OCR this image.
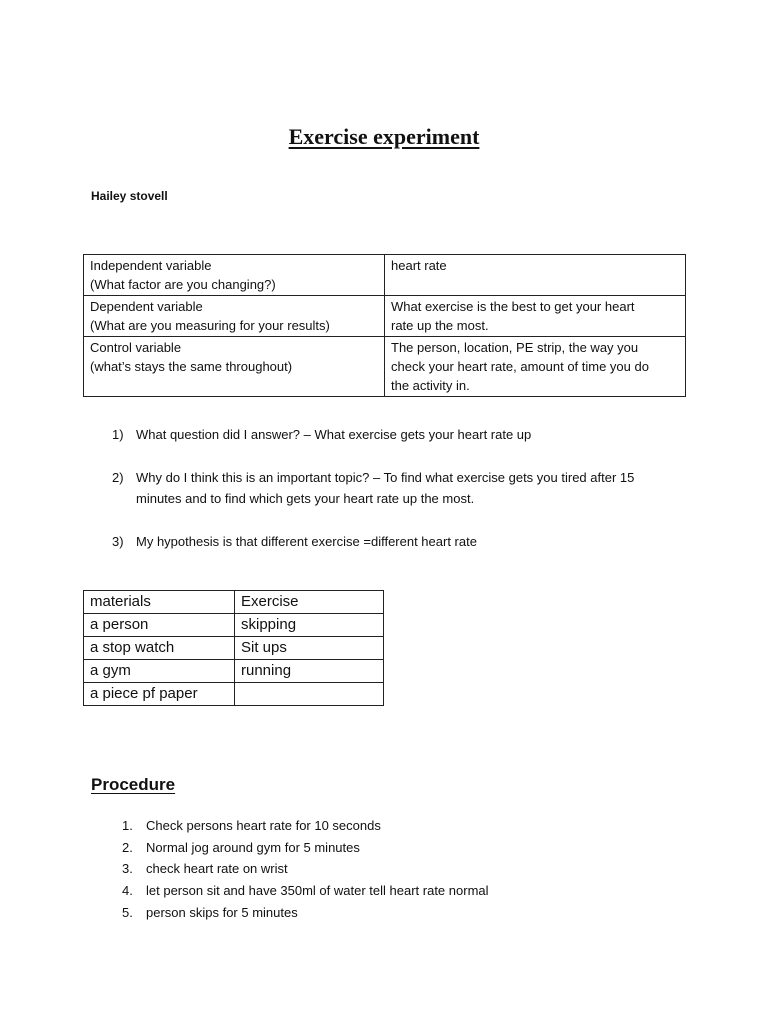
Exercise experiment
Hailey stovell
Independent variable
(What factor are you changing?)	heart rate

Dependent variable
(What are you measuring for your results)	What exercise is the best to get your heart
rate up the most.

Control variable
(what’s stays the same throughout)	The person, location, PE strip, the way you
check your heart rate, amount of time you do
the activity in.
1) What question did I answer? – What exercise gets your heart rate up
2) Why do I think this is an important topic? – To find what exercise gets you tired after 15
minutes and to find which gets your heart rate up the most.
3) My hypothesis is that different exercise =different heart rate
materials	Exercise
a person	skipping
a stop watch	Sit ups
a gym	running
a piece pf paper	
Procedure
1. Check persons heart rate for 10 seconds
2. Normal jog around gym for 5 minutes
3. check heart rate on wrist
4. let person sit and have 350ml of water tell heart rate normal
5. person skips for 5 minutes
